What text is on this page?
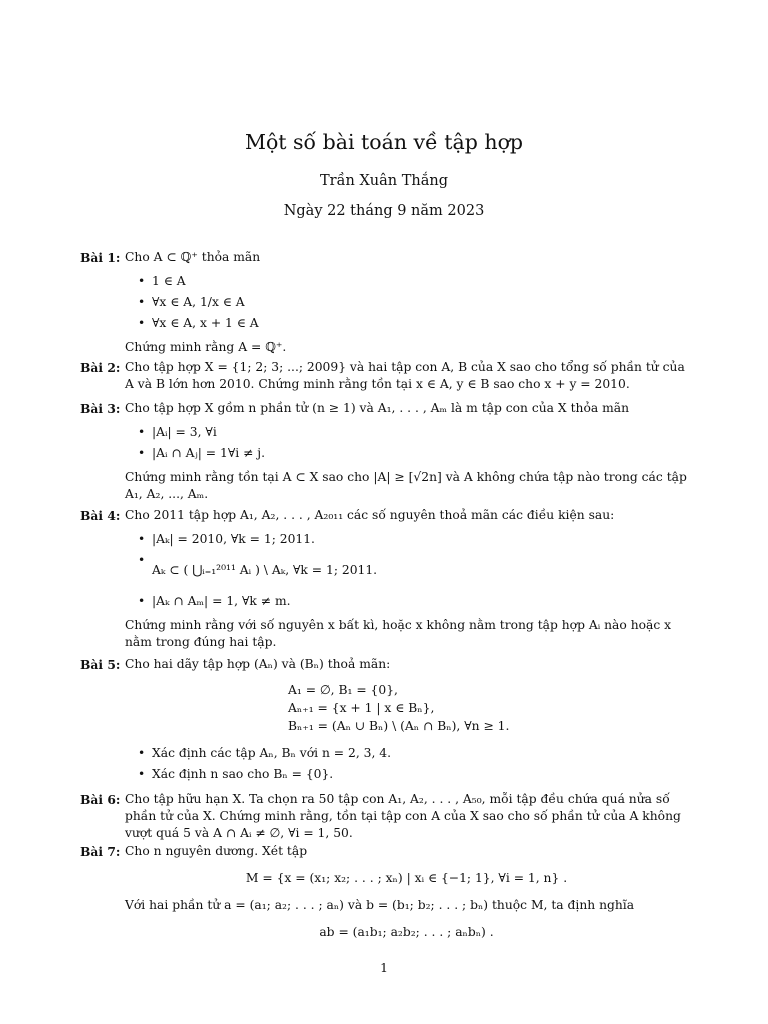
Một số bài toán về tập hợp
Trần Xuân Thắng
Ngày 22 tháng 9 năm 2023
Bài 1: Cho A ⊂ ℚ⁺ thỏa mãn

• 1 ∈ A
• ∀x ∈ A, 1/x ∈ A
• ∀x ∈ A, x + 1 ∈ A

Chứng minh rằng A = ℚ⁺.

Bài 2: Cho tập hợp X = {1; 2; 3; ...; 2009} và hai tập con A, B của X sao cho tổng số phần tử của A và B lớn hơn 2010. Chứng minh rằng tồn tại x ∈ A, y ∈ B sao cho x + y = 2010.

Bài 3: Cho tập hợp X gồm n phần tử (n ≥ 1) và A₁, . . . , Aₘ là m tập con của X thỏa mãn

• |Aᵢ| = 3, ∀i
• |Aᵢ ∩ Aⱼ| = 1∀i ≠ j.

Chứng minh rằng tồn tại A ⊂ X sao cho |A| ≥ [√2n] và A không chứa tập nào trong các tập A₁, A₂, ..., Aₘ.

Bài 4: Cho 2011 tập hợp A₁, A₂, . . . , A₂₀₁₁ các số nguyên thoả mãn các điều kiện sau:

• |Aₖ| = 2010, ∀k = 1; 2011.
• Aₖ ⊂ ( ⋃ᵢ₌₁²⁰¹¹ Aᵢ ) \ Aₖ, ∀k = 1; 2011.
• |Aₖ ∩ Aₘ| = 1, ∀k ≠ m.

Chứng minh rằng với số nguyên x bất kì, hoặc x không nằm trong tập hợp Aᵢ nào hoặc x nằm trong đúng hai tập.

Bài 5: Cho hai dãy tập hợp (Aₙ) và (Bₙ) thoả mãn:

A₁ = ∅, B₁ = {0},
Aₙ₊₁ = {x + 1 | x ∈ Bₙ},
Bₙ₊₁ = (Aₙ ∪ Bₙ) \ (Aₙ ∩ Bₙ), ∀n ≥ 1.
• Xác định các tập Aₙ, Bₙ với n = 2, 3, 4.
• Xác định n sao cho Bₙ = {0}.
Bài 6: Cho tập hữu hạn X. Ta chọn ra 50 tập con A₁, A₂, . . . , A₅₀, mỗi tập đều chứa quá nửa số phần tử của X. Chứng minh rằng, tồn tại tập con A của X sao cho số phần tử của A không vượt quá 5 và A ∩ Aᵢ ≠ ∅, ∀i = 1, 50.

Bài 7: Cho n nguyên dương. Xét tập

M = {x = (x₁; x₂; . . . ; xₙ) | xᵢ ∈ {−1; 1}, ∀i = 1, n} .

Với hai phần tử a = (a₁; a₂; . . . ; aₙ) và b = (b₁; b₂; . . . ; bₙ) thuộc M, ta định nghĩa

ab = (a₁b₁; a₂b₂; . . . ; aₙbₙ) .
1
